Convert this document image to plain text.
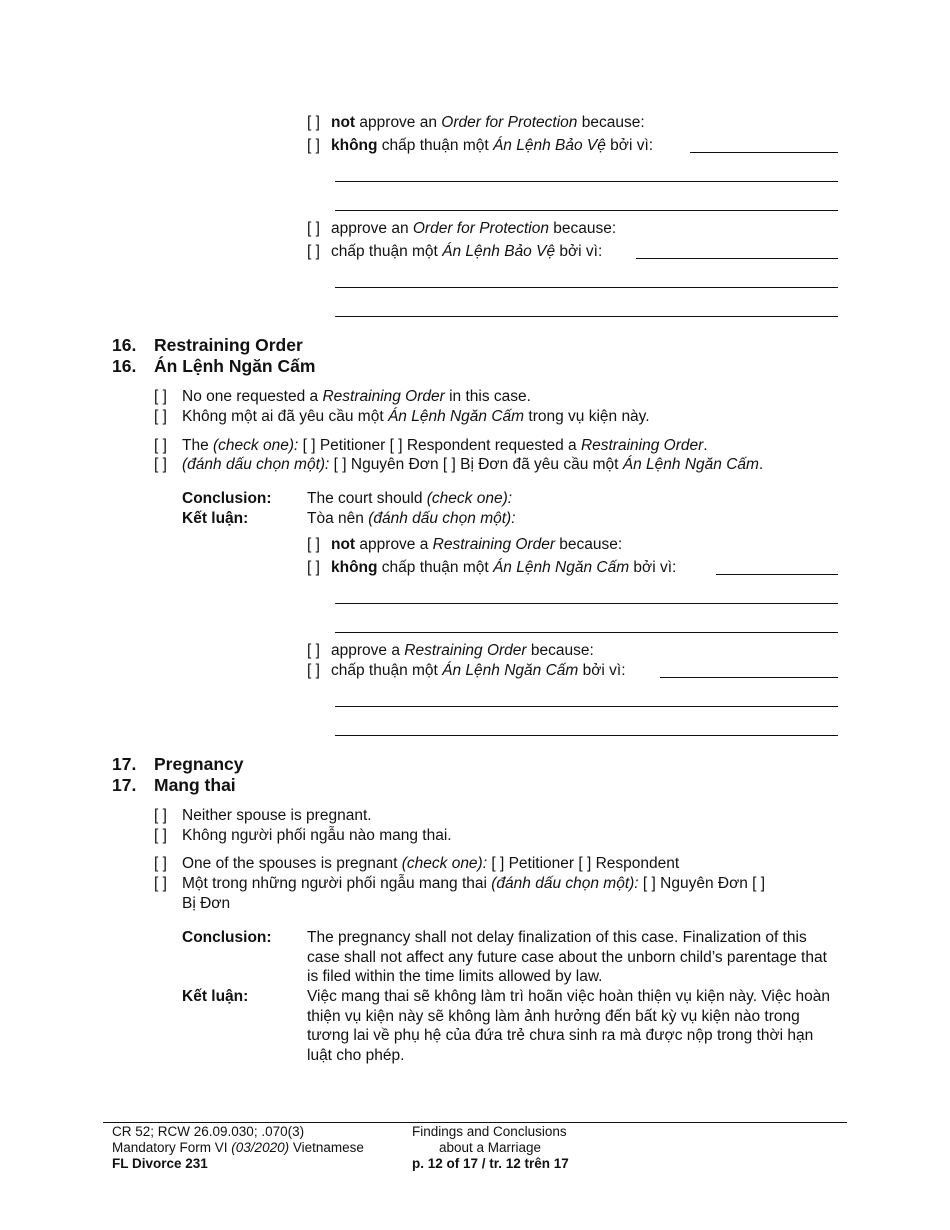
[ ] not approve an Order for Protection because:
[ ] không chấp thuận một Án Lệnh Bảo Vệ bởi vì:
[ ] approve an Order for Protection because:
[ ] chấp thuận một Án Lệnh Bảo Vệ bởi vì:
16. Restraining Order
16. Án Lệnh Ngăn Cấm
[ ] No one requested a Restraining Order in this case.
[ ] Không một ai đã yêu cầu một Án Lệnh Ngăn Cấm trong vụ kiện này.
[ ] The (check one): [ ] Petitioner [ ] Respondent requested a Restraining Order.
[ ] (đánh dấu chọn một): [ ] Nguyên Đơn [ ] Bị Đơn đã yêu cầu một Án Lệnh Ngăn Cấm.
Conclusion:
Kết luận:
The court should (check one):
Tòa nên (đánh dấu chọn một):
[ ] not approve a Restraining Order because:
[ ] không chấp thuận một Án Lệnh Ngăn Cấm bởi vì:
[ ] approve a Restraining Order because:
[ ] chấp thuận một Án Lệnh Ngăn Cấm bởi vì:
17. Pregnancy
17. Mang thai
[ ] Neither spouse is pregnant.
[ ] Không người phối ngẫu nào mang thai.
[ ] One of the spouses is pregnant (check one): [ ] Petitioner [ ] Respondent
[ ] Một trong những người phối ngẫu mang thai (đánh dấu chọn một): [ ] Nguyên Đơn [ ]
Bị Đơn
Conclusion: The pregnancy shall not delay finalization of this case. Finalization of this case shall not affect any future case about the unborn child’s parentage that is filed within the time limits allowed by law.
Kết luận:	Việc mang thai sẽ không làm trì hoãn việc hoàn thiện vụ kiện này. Việc hoàn thiện vụ kiện này sẽ không làm ảnh hưởng đến bất kỳ vụ kiện nào trong tương lai về phụ hệ của đứa trẻ chưa sinh ra mà được nộp trong thời hạn luật cho phép.
CR 52; RCW 26.09.030; .070(3)
Mandatory Form VI (03/2020) Vietnamese
FL Divorce 231
Findings and Conclusions
about a Marriage
p. 12 of 17 / tr. 12 trên 17
